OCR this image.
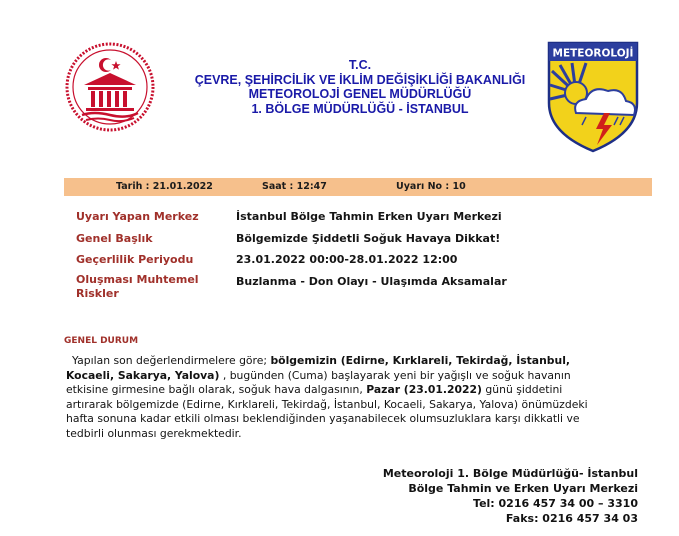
T.C.
ÇEVRE, ŞEHİRCİLİK VE İKLİM DEĞİŞİKLİĞİ BAKANLIĞI
METEOROLOJİ GENEL MÜDÜRLÜĞÜ
1. BÖLGE MÜDÜRLÜĞÜ - İSTANBUL
METEOROLOJİ
Tarih : 21.01.2022	Saat : 12:47	Uyarı No : 10
Uyarı Yapan Merkez	İstanbul Bölge Tahmin Erken Uyarı Merkezi
Genel Başlık	Bölgemizde Şiddetli Soğuk Havaya Dikkat!
Geçerlilik Periyodu	23.01.2022 00:00-28.01.2022 12:00
Oluşması Muhtemel
Riskler
Buzlanma - Don Olayı - Ulaşımda Aksamalar
GENEL DURUM
Yapılan son değerlendirmelere göre; bölgemizin (Edirne, Kırklareli, Tekirdağ, İstanbul,
Kocaeli, Sakarya, Yalova) , bugünden (Cuma) başlayarak yeni bir yağışlı ve soğuk havanın
etkisine girmesine bağlı olarak, soğuk hava dalgasının, Pazar (23.01.2022) günü şiddetini
artırarak bölgemizde (Edirne, Kırklareli, Tekirdağ, İstanbul, Kocaeli, Sakarya, Yalova) önümüzdeki
hafta sonuna kadar etkili olması beklendiğinden yaşanabilecek olumsuzluklara karşı dikkatli ve
tedbirli olunması gerekmektedir.
Meteoroloji 1. Bölge Müdürlüğü- İstanbul
Bölge Tahmin ve Erken Uyarı Merkezi
Tel: 0216 457 34 00 – 3310
Faks: 0216 457 34 03
